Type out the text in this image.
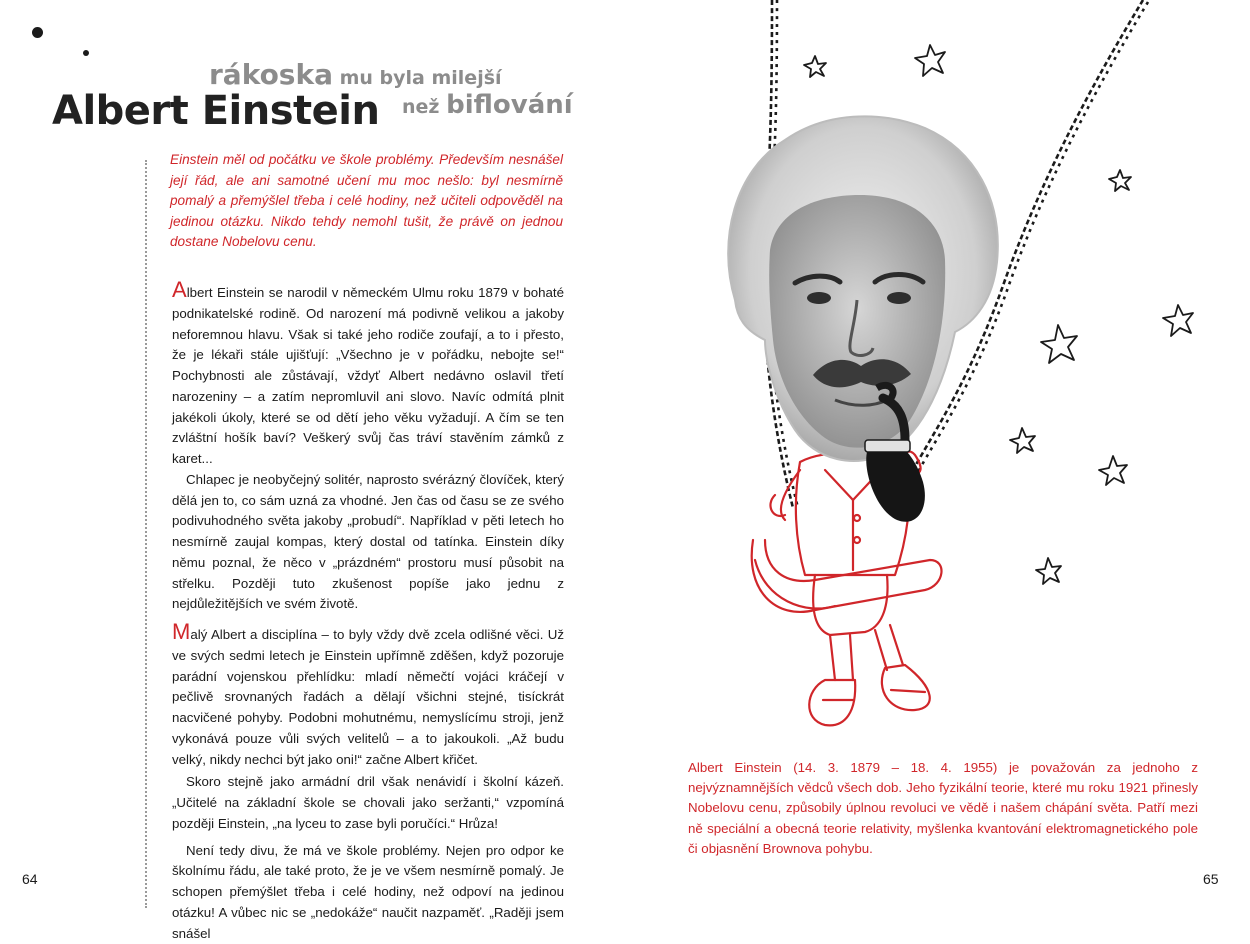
rákoska mu byla milejší
Albert Einstein než biflování
Einstein měl od počátku ve škole problémy. Především nesnášel její řád, ale ani samotné učení mu moc nešlo: byl nesmírně pomalý a přemýšlel třeba i celé hodiny, než učiteli odpověděl na jedinou otázku. Nikdo tehdy nemohl tušit, že právě on jednou dostane Nobelovu cenu.

Albert Einstein se narodil v německém Ulmu roku 1879 v bohaté podnikatelské rodině. Od narození má podivně velikou a jakoby neforemnou hlavu. Však si také jeho rodiče zoufají, a to i přesto, že je lékaři stále ujišťují: „Všechno je v pořádku, nebojte se!“ Pochybnosti ale zůstávají, vždyť Albert nedávno oslavil třetí narozeniny – a zatím nepromluvil ani slovo. Navíc odmítá plnit jakékoli úkoly, které se od dětí jeho věku vyžadují. A čím se ten zvláštní hošík baví? Veškerý svůj čas tráví stavěním zámků z karet...

Chlapec je neobyčejný solitér, naprosto svérázný človíček, který dělá jen to, co sám uzná za vhodné. Jen čas od času se ze svého podivuhodného světa jakoby „probudí“. Například v pěti letech ho nesmírně zaujal kompas, který dostal od tatínka. Einstein díky němu poznal, že něco v „prázdném“ prostoru musí působit na střelku. Později tuto zkušenost popíše jako jednu z nejdůležitějších ve svém životě.

Malý Albert a disciplína – to byly vždy dvě zcela odlišné věci. Už ve svých sedmi letech je Einstein upřímně zděšen, když pozoruje parádní vojenskou přehlídku: mladí němečtí vojáci kráčejí v pečlivě srovnaných řadách a dělají všichni stejné, tisíckrát nacvičené pohyby. Podobni mohutnému, nemyslícímu stroji, jenž vykonává pouze vůli svých velitelů – a to jakoukoli. „Až budu velký, nikdy nechci být jako oni!“ začne Albert křičet.

Skoro stejně jako armádní dril však nenávidí i školní kázeň. „Učitelé na základní škole se chovali jako seržanti,“ vzpomíná později Einstein, „na lyceu to zase byli poručíci.“ Hrůza!

Není tedy divu, že má ve škole problémy. Nejen pro odpor ke školnímu řádu, ale také proto, že je ve všem nesmírně pomalý. Je schopen přemýšlet třeba i celé hodiny, než odpoví na jedinou otázku! A vůbec nic se „nedokáže“ naučit nazpaměť. „Raději jsem snášel

64
Albert Einstein (14. 3. 1879 – 18. 4. 1955) je považován za jednoho z nejvýznamnějších vědců všech dob. Jeho fyzikální teorie, které mu roku 1921 přinesly Nobelovu cenu, způsobily úplnou revoluci ve vědě i našem chápání světa. Patří mezi ně speciální a obecná teorie relativity, myšlenka kvantování elektromagnetického pole či objasnění Brownova pohybu.
65
